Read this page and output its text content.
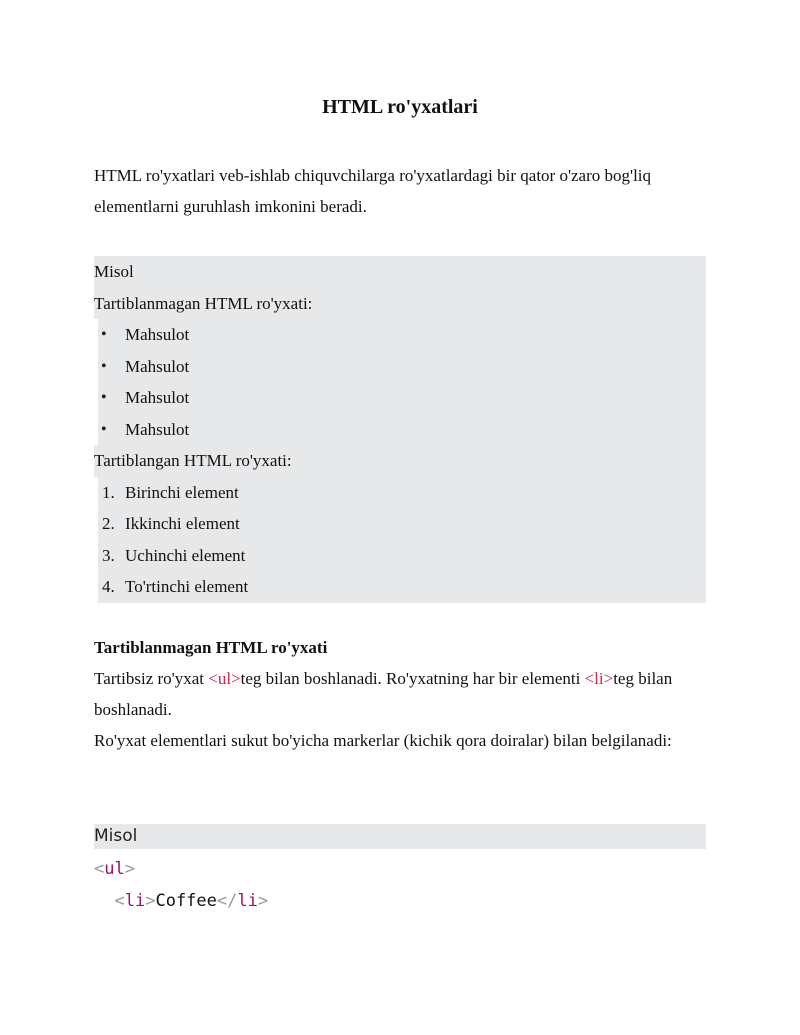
HTML ro'yxatlari

HTML ro'yxatlari veb-ishlab chiquvchilarga ro'yxatlardagi bir qator o'zaro bog'liq elementlarni guruhlash imkonini beradi.

Misol
Tartiblanmagan HTML ro'yxati:
• Mahsulot
• Mahsulot
• Mahsulot
• Mahsulot
Tartiblangan HTML ro'yxati:
1. Birinchi element
2. Ikkinchi element
3. Uchinchi element
4. To'rtinchi element

Tartiblanmagan HTML ro'yxati

Tartibsiz ro'yxat <ul>teg bilan boshlanadi. Ro'yxatning har bir elementi <li>teg bilan boshlanadi.

Ro'yxat elementlari sukut bo'yicha markerlar (kichik qora doiralar) bilan belgilanadi:

Misol
<ul>
<li>Coffee</li>
